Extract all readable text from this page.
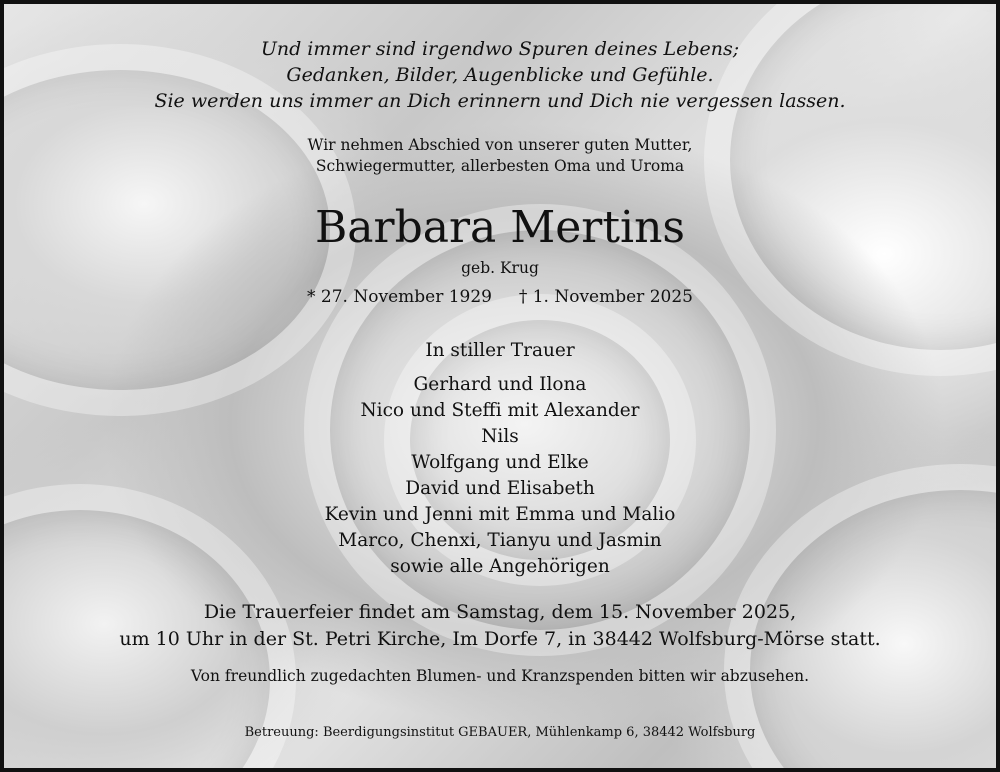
Und immer sind irgendwo Spuren deines Lebens;
Gedanken, Bilder, Augenblicke und Gefühle.
Sie werden uns immer an Dich erinnern und Dich nie vergessen lassen.
Wir nehmen Abschied von unserer guten Mutter,
Schwiegermutter, allerbesten Oma und Uroma
Barbara Mertins
geb. Krug
* 27. November 1929 † 1. November 2025
In stiller Trauer
Gerhard und Ilona
Nico und Steffi mit Alexander
Nils
Wolfgang und Elke
David und Elisabeth
Kevin und Jenni mit Emma und Malio
Marco, Chenxi, Tianyu und Jasmin
sowie alle Angehörigen
Die Trauerfeier findet am Samstag, dem 15. November 2025,
um 10 Uhr in der St. Petri Kirche, Im Dorfe 7, in 38442 Wolfsburg-Mörse statt.
Von freundlich zugedachten Blumen- und Kranzspenden bitten wir abzusehen.
Betreuung: Beerdigungsinstitut GEBAUER, Mühlenkamp 6, 38442 Wolfsburg
